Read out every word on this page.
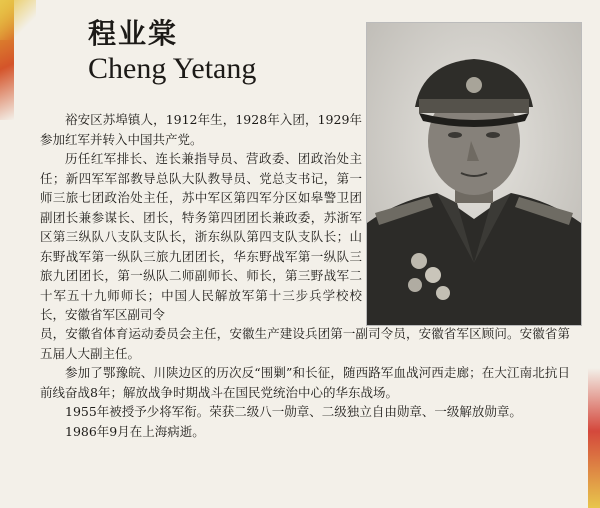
程业棠
Cheng Yetang

裕安区苏埠镇人，1912年生，1928年入团，1929年参加红军并转入中国共产党。

历任红军排长、连长兼指导员、营政委、团政治处主任；新四军军部教导总队大队教导员、党总支书记，第一师三旅七团政治处主任，苏中军区第四军分区如皋警卫团副团长兼参谋长、团长，特务第四团团长兼政委，苏浙军区第三纵队八支队支队长，浙东纵队第四支队支队长；山东野战军第一纵队三旅九团团长，华东野战军第一纵队三旅九团团长，第一纵队二师副师长、师长，第三野战军二十军五十九师师长；中国人民解放军第十三步兵学校校长，安徽省军区副司令

员，安徽省体育运动委员会主任，安徽生产建设兵团第一副司令员，安徽省军区顾问。安徽省第五届人大副主任。

参加了鄂豫皖、川陕边区的历次反“围剿”和长征，随西路军血战河西走廊；在大江南北抗日前线奋战8年；解放战争时期战斗在国民党统治中心的华东战场。

1955年被授予少将军衔。荣获二级八一勋章、二级独立自由勋章、一级解放勋章。

1986年9月在上海病逝。
